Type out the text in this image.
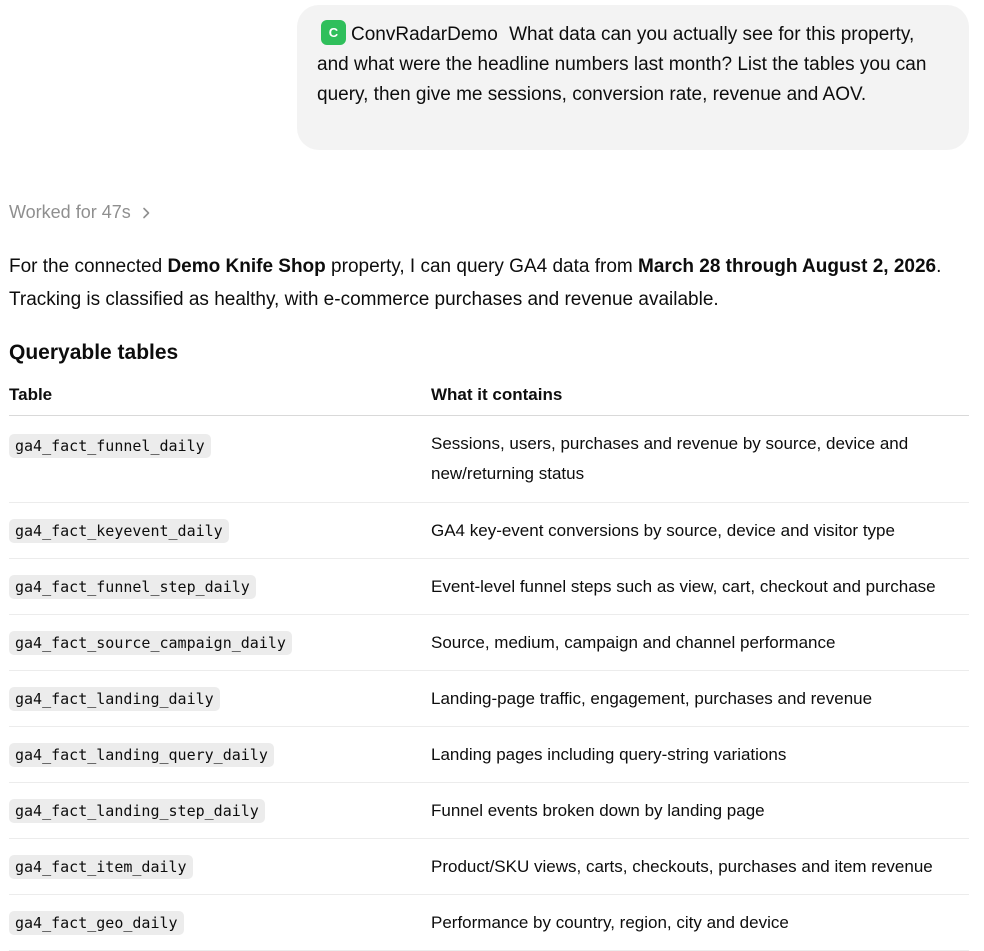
C ConvRadarDemo What data can you actually see for this property, and what were the headline numbers last month? List the tables you can query, then give me sessions, conversion rate, revenue and AOV.
Worked for 47s

For the connected Demo Knife Shop property, I can query GA4 data from March 28 through August 2, 2026. Tracking is classified as healthy, with e-commerce purchases and revenue available.

Queryable tables
Table	What it contains
ga4_fact_funnel_daily	Sessions, users, purchases and revenue by source, device and new/returning status
ga4_fact_keyevent_daily	GA4 key-event conversions by source, device and visitor type
ga4_fact_funnel_step_daily	Event-level funnel steps such as view, cart, checkout and purchase
ga4_fact_source_campaign_daily	Source, medium, campaign and channel performance
ga4_fact_landing_daily	Landing-page traffic, engagement, purchases and revenue
ga4_fact_landing_query_daily	Landing pages including query-string variations
ga4_fact_landing_step_daily	Funnel events broken down by landing page
ga4_fact_item_daily	Product/SKU views, carts, checkouts, purchases and item revenue
ga4_fact_geo_daily	Performance by country, region, city and device
